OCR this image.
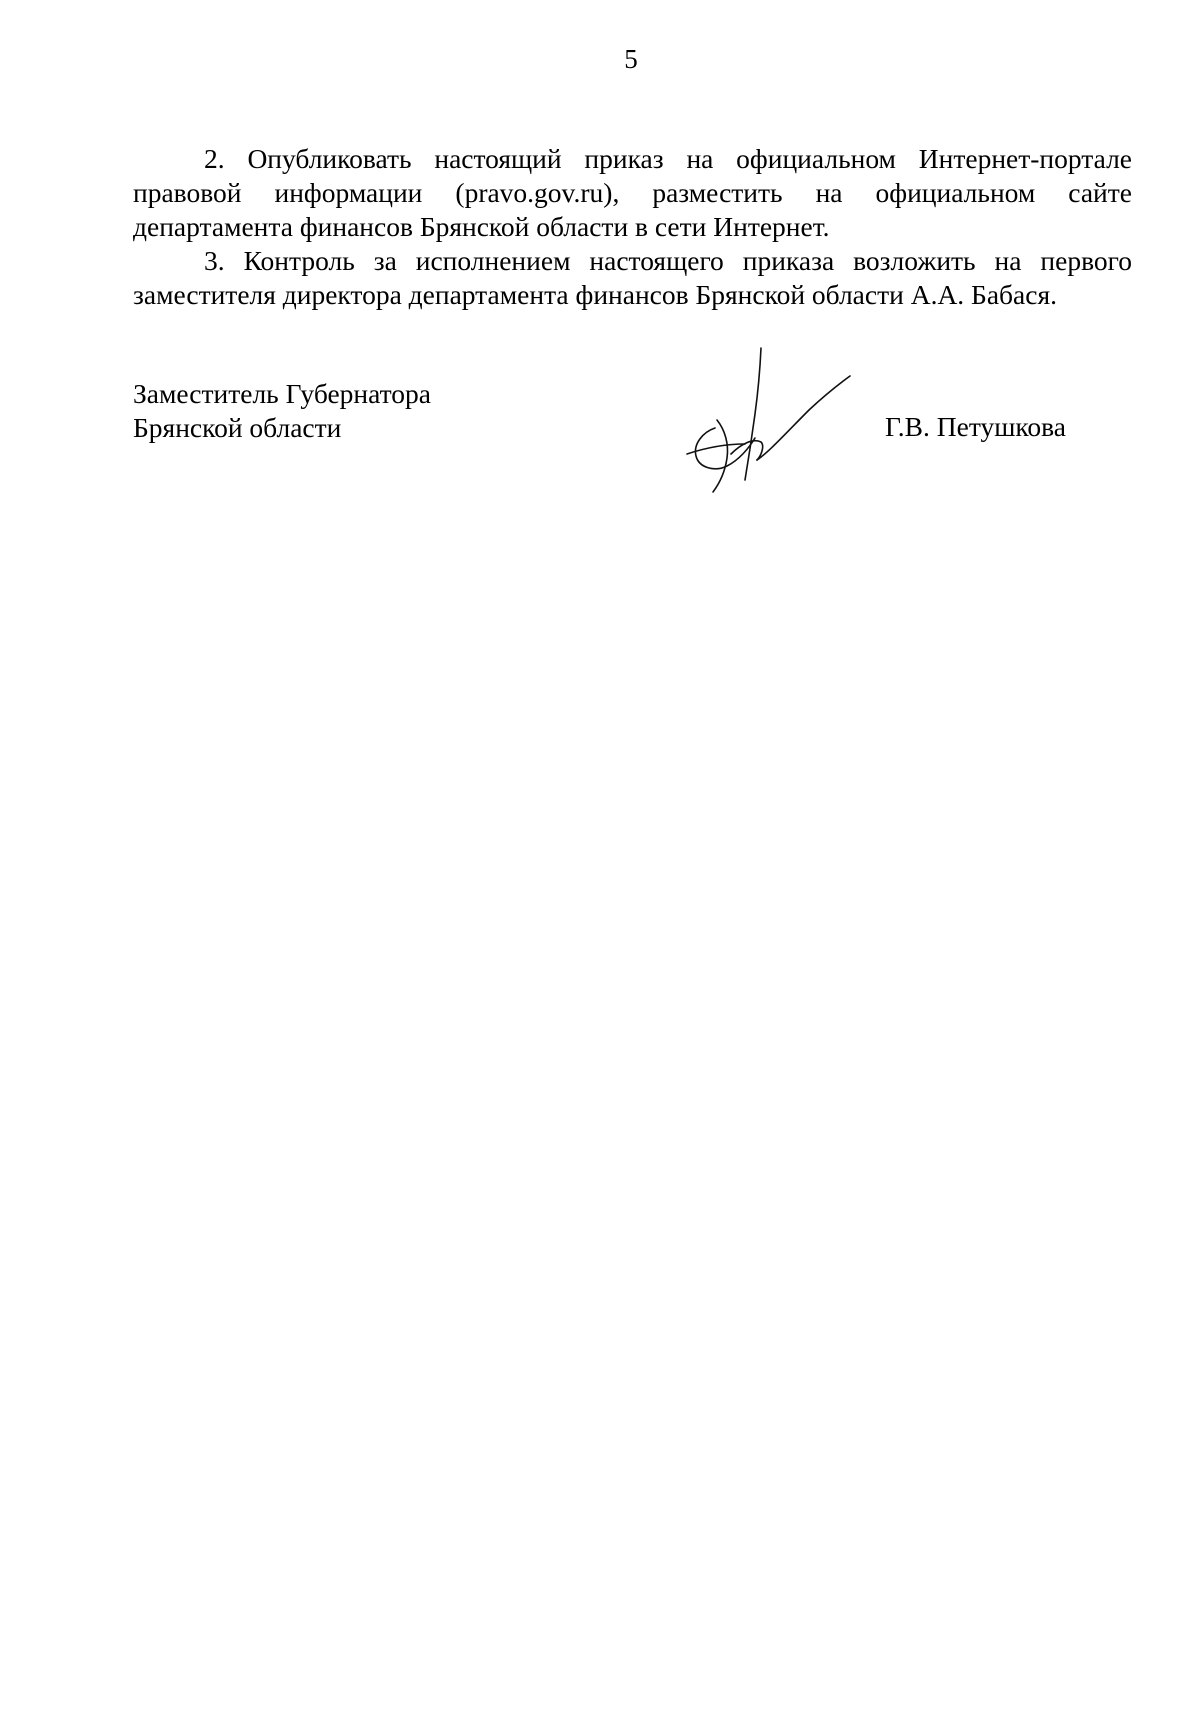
5

2. Опубликовать настоящий приказ на официальном Интернет-портале правовой информации (pravo.gov.ru), разместить на официальном сайте департамента финансов Брянской области в сети Интернет.

3. Контроль за исполнением настоящего приказа возложить на первого заместителя директора департамента финансов Брянской области А.А. Бабася.

Заместитель Губернатора
Брянской области	Г.В. Петушкова
